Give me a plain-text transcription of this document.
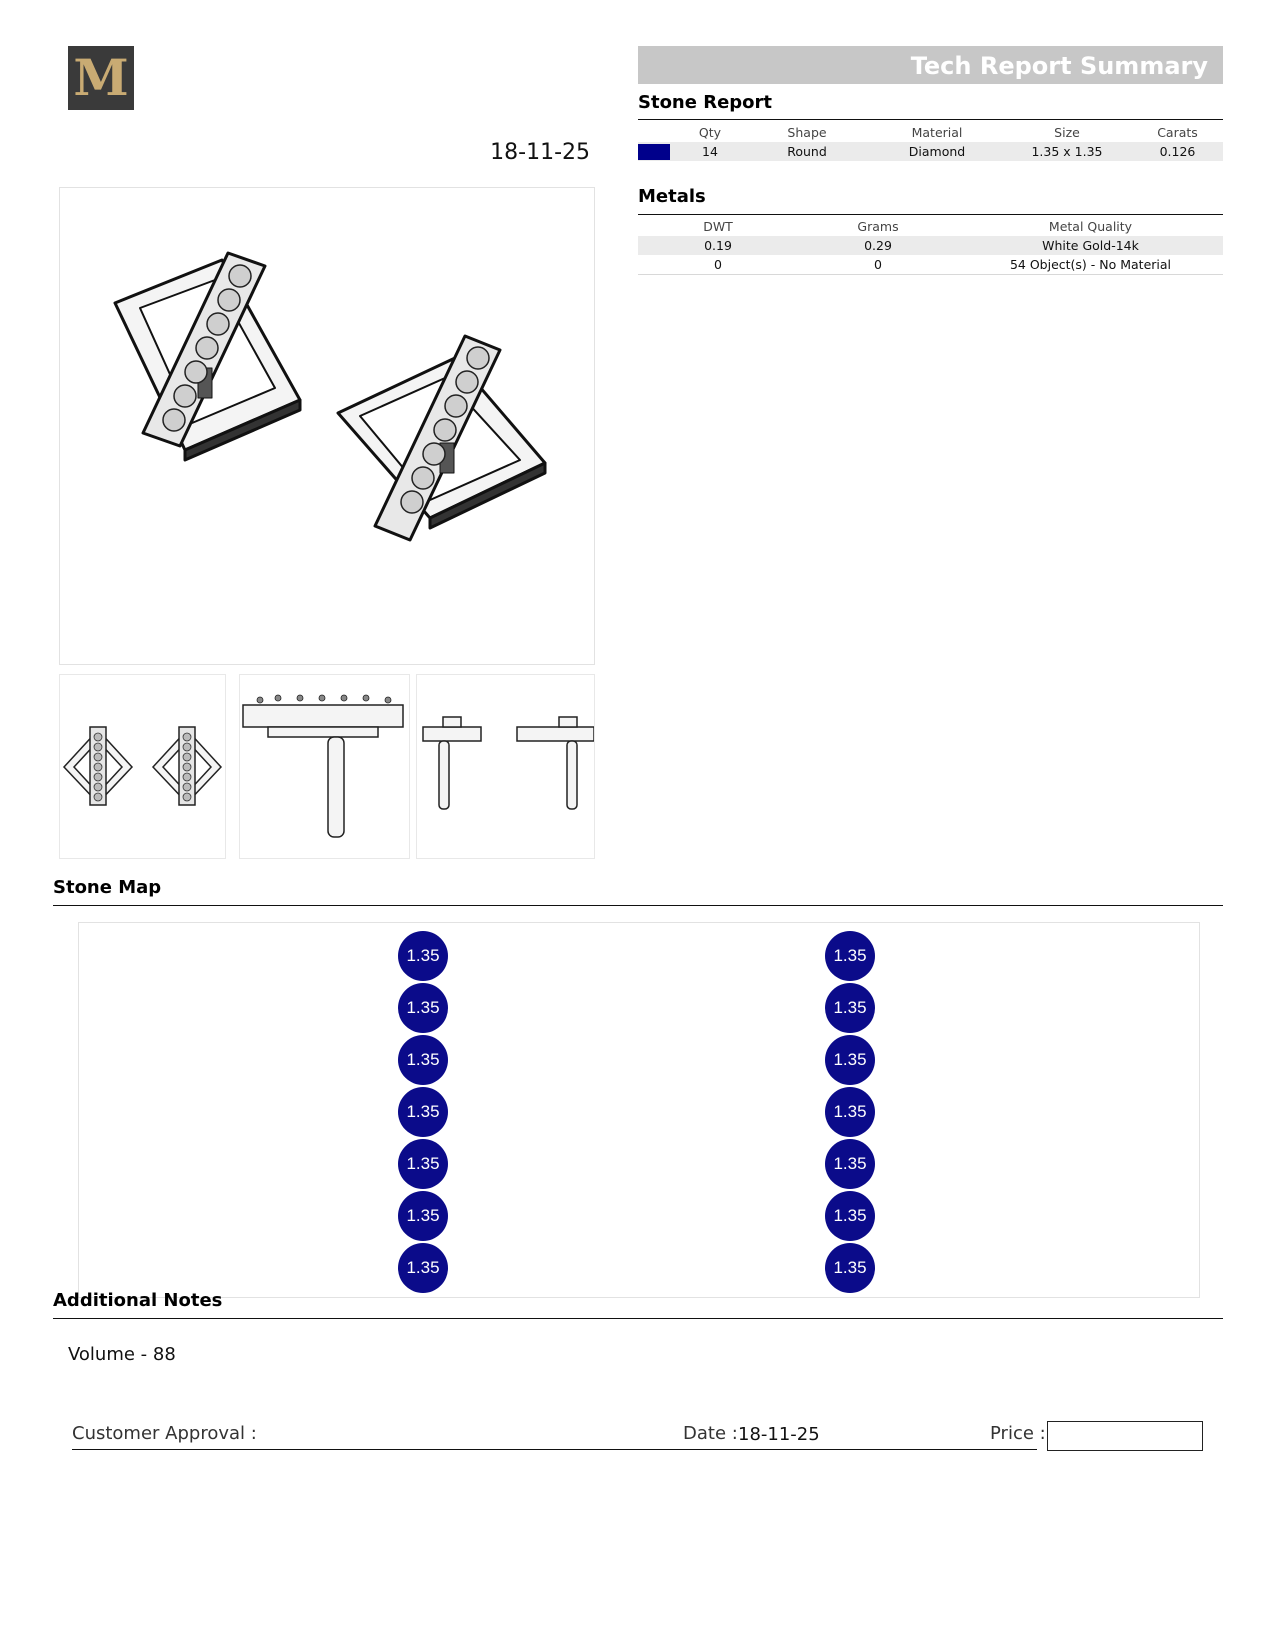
M
18-11-25
Tech Report Summary
Stone Report
	Qty	Shape	Material	Size	Carats
	14	Round	Diamond	1.35 x 1.35	0.126
Metals
DWT	Grams	Metal Quality
0.19	0.29	White Gold-14k
0	0	54 Object(s) - No Material
Stone Map
1.35
1.35
1.35
1.35
1.35
1.35
1.35
1.35
1.35
1.35
1.35
1.35
1.35
1.35
Additional Notes
Volume - 88
Customer Approval :	Date : 18-11-25	Price :
